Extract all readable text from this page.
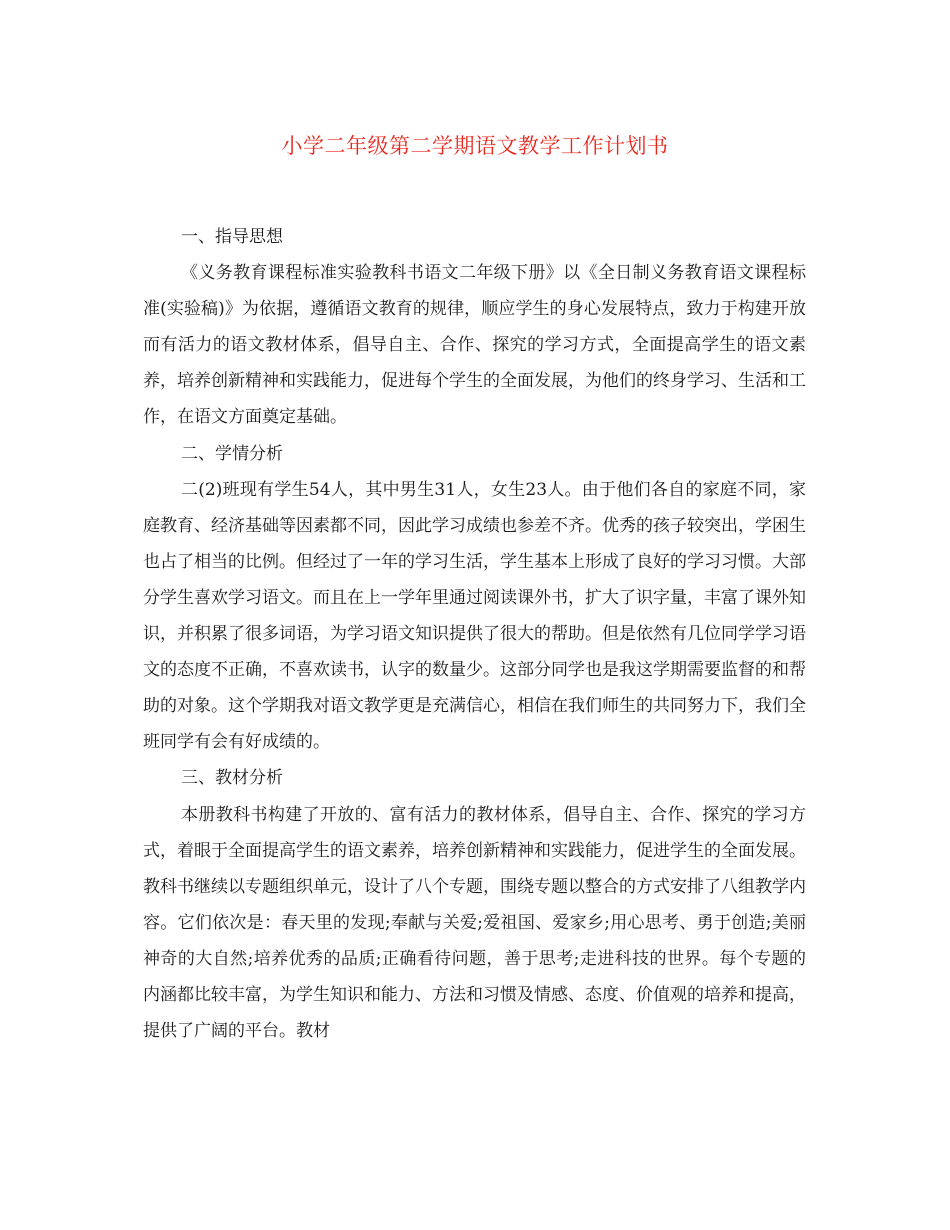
小学二年级第二学期语文教学工作计划书

一、指导思想

《义务教育课程标准实验教科书语文二年级下册》以《全日制义务教育语文课程标准(实验稿)》为依据，遵循语文教育的规律，顺应学生的身心发展特点，致力于构建开放而有活力的语文教材体系，倡导自主、合作、探究的学习方式，全面提高学生的语文素养，培养创新精神和实践能力，促进每个学生的全面发展，为他们的终身学习、生活和工作，在语文方面奠定基础。

二、学情分析

二(2)班现有学生54人，其中男生31人，女生23人。由于他们各自的家庭不同，家庭教育、经济基础等因素都不同，因此学习成绩也参差不齐。优秀的孩子较突出，学困生也占了相当的比例。但经过了一年的学习生活，学生基本上形成了良好的学习习惯。大部分学生喜欢学习语文。而且在上一学年里通过阅读课外书，扩大了识字量，丰富了课外知识，并积累了很多词语，为学习语文知识提供了很大的帮助。但是依然有几位同学学习语文的态度不正确，不喜欢读书，认字的数量少。这部分同学也是我这学期需要监督的和帮助的对象。这个学期我对语文教学更是充满信心，相信在我们师生的共同努力下，我们全班同学有会有好成绩的。

三、教材分析

本册教科书构建了开放的、富有活力的教材体系，倡导自主、合作、探究的学习方式，着眼于全面提高学生的语文素养，培养创新精神和实践能力，促进学生的全面发展。教科书继续以专题组织单元，设计了八个专题，围绕专题以整合的方式安排了八组教学内容。它们依次是：春天里的发现;奉献与关爱;爱祖国、爱家乡;用心思考、勇于创造;美丽神奇的大自然;培养优秀的品质;正确看待问题，善于思考;走进科技的世界。每个专题的内涵都比较丰富，为学生知识和能力、方法和习惯及情感、态度、价值观的培养和提高，提供了广阔的平台。教材
